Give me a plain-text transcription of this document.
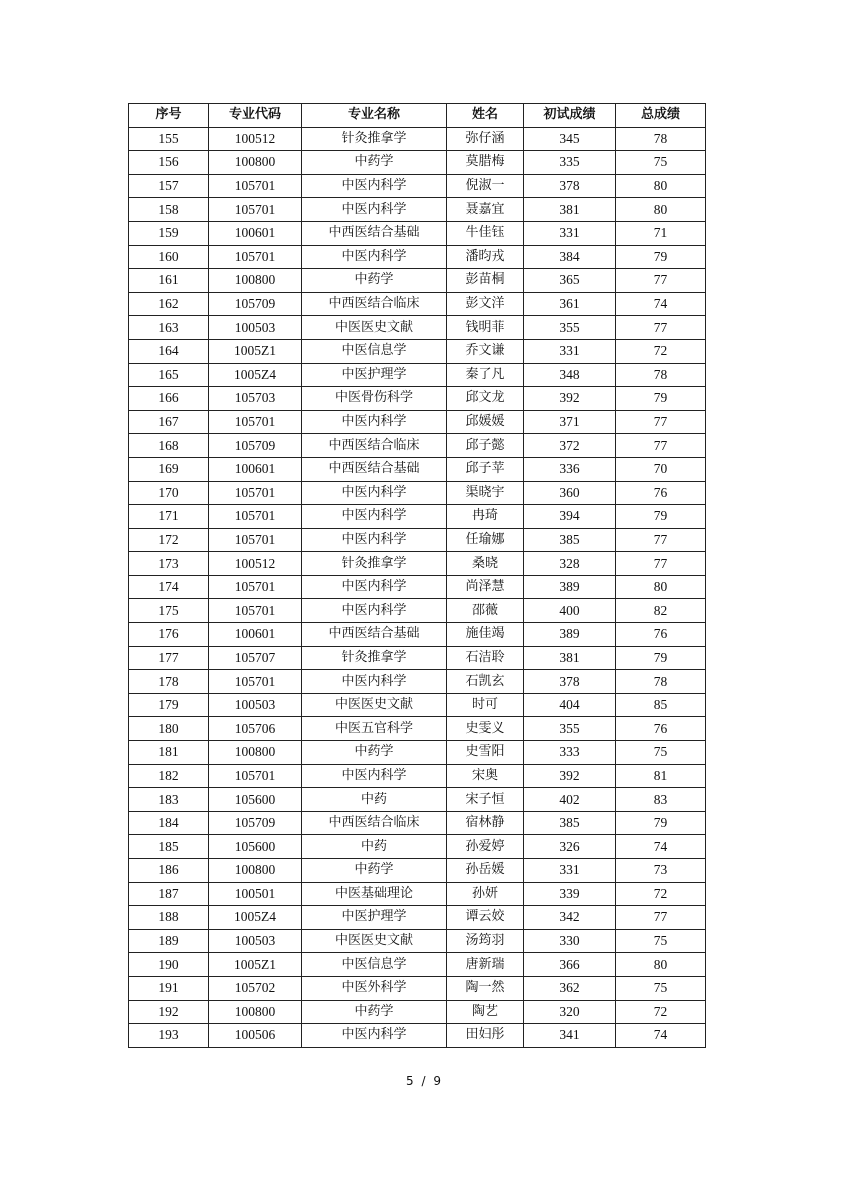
序号	专业代码	专业名称	姓名	初试成绩	总成绩
155	100512	针灸推拿学	弥仔涵	345	78
156	100800	中药学	莫腊梅	335	75
157	105701	中医内科学	倪淑一	378	80
158	105701	中医内科学	聂嘉宜	381	80
159	100601	中西医结合基础	牛佳钰	331	71
160	105701	中医内科学	潘昀戎	384	79
161	100800	中药学	彭苗桐	365	77
162	105709	中西医结合临床	彭文洋	361	74
163	100503	中医医史文献	钱明菲	355	77
164	1005Z1	中医信息学	乔文谦	331	72
165	1005Z4	中医护理学	秦了凡	348	78
166	105703	中医骨伤科学	邱文龙	392	79
167	105701	中医内科学	邱媛媛	371	77
168	105709	中西医结合临床	邱子懿	372	77
169	100601	中西医结合基础	邱子苹	336	70
170	105701	中医内科学	渠晓宇	360	76
171	105701	中医内科学	冉琦	394	79
172	105701	中医内科学	任瑜娜	385	77
173	100512	针灸推拿学	桑晓	328	77
174	105701	中医内科学	尚泽慧	389	80
175	105701	中医内科学	邵薇	400	82
176	100601	中西医结合基础	施佳竭	389	76
177	105707	针灸推拿学	石洁聆	381	79
178	105701	中医内科学	石凯玄	378	78
179	100503	中医医史文献	时可	404	85
180	105706	中医五官科学	史雯义	355	76
181	100800	中药学	史雪阳	333	75
182	105701	中医内科学	宋奥	392	81
183	105600	中药	宋子恒	402	83
184	105709	中西医结合临床	宿林静	385	79
185	105600	中药	孙爱婷	326	74
186	100800	中药学	孙岳媛	331	73
187	100501	中医基础理论	孙妍	339	72
188	1005Z4	中医护理学	谭云姣	342	77
189	100503	中医医史文献	汤筠羽	330	75
190	1005Z1	中医信息学	唐新瑞	366	80
191	105702	中医外科学	陶一然	362	75
192	100800	中药学	陶艺	320	72
193	100506	中医内科学	田妇彤	341	74
5 / 9
